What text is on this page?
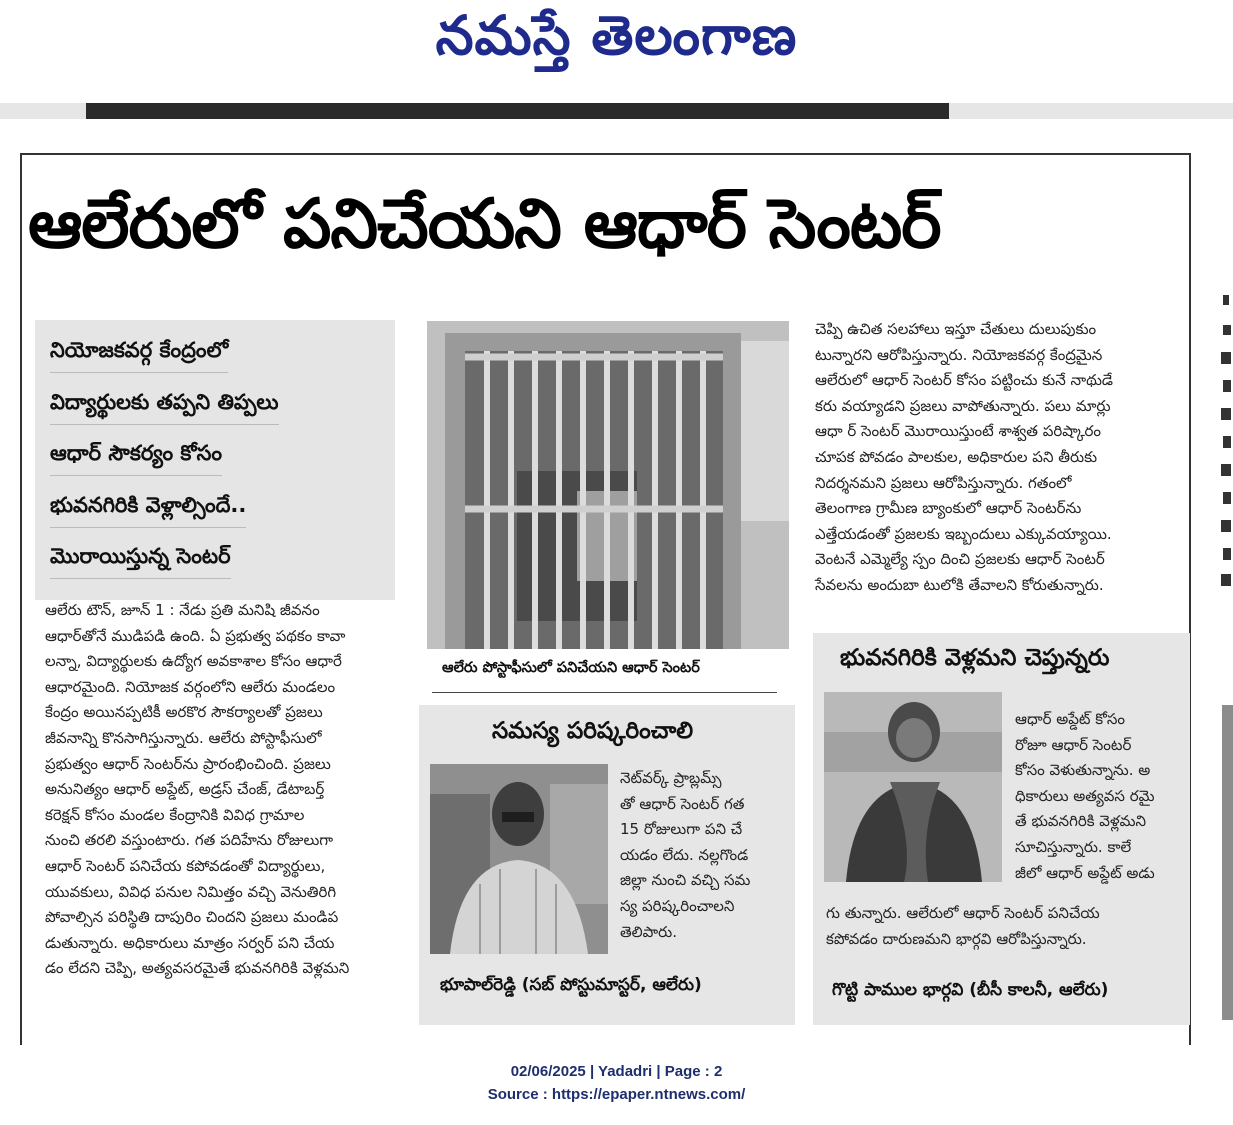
నమస్తే తెలంగాణ
ఆలేరులో పనిచేయని ఆధార్ సెంటర్
నియోజకవర్గ కేంద్రంలో
విద్యార్థులకు తప్పని తిప్పలు
ఆధార్ సౌకర్యం కోసం
భువనగిరికి వెళ్లాల్సిందే..
మొరాయిస్తున్న సెంటర్
ఆలేరు టౌన్, జూన్ 1 : నేడు ప్రతి మనిషి జీవనం
ఆధార్‌తోనే ముడిపడి ఉంది. ఏ ప్రభుత్వ పథకం కావా
లన్నా, విద్యార్థులకు ఉద్యోగ అవకాశాల కోసం ఆధారే
ఆధారమైంది. నియోజక వర్గంలోని ఆలేరు మండలం
కేంద్రం అయినప్పటికీ అరకొర సౌకర్యాలతో ప్రజలు
జీవనాన్ని కొనసాగిస్తున్నారు. ఆలేరు పోస్టాఫీసులో
ప్రభుత్వం ఆధార్ సెంటర్‌ను ప్రారంభించింది. ప్రజలు
అనునిత్యం ఆధార్ అప్డేట్, అడ్రస్ చేంజ్, డేటాబర్త్
కరెక్షన్ కోసం మండల కేంద్రానికి వివిధ గ్రామాల
నుంచి తరలి వస్తుంటారు. గత పదిహేను రోజులుగా
ఆధార్ సెంటర్ పనిచేయ కపోవడంతో విద్యార్థులు,
యువకులు, వివిధ పనుల నిమిత్తం వచ్చి వెనుతిరిగి
పోవాల్సిన పరిస్థితి దాపురిం చిందని ప్రజలు మండిప
డుతున్నారు. అధికారులు మాత్రం సర్వర్ పని చేయ
డం లేదని చెప్పి, అత్యవసరమైతే భువనగిరికి వెళ్లమని
ఆలేరు పోస్టాఫీసులో పనిచేయని ఆధార్ సెంటర్
చెప్పి ఉచిత సలహాలు ఇస్తూ చేతులు దులుపుకుం
టున్నారని ఆరోపిస్తున్నారు. నియోజకవర్గ కేంద్రమైన
ఆలేరులో ఆధార్ సెంటర్ కోసం పట్టించు కునే నాథుడే
కరు వయ్యాడని ప్రజలు వాపోతున్నారు. పలు మార్లు
ఆధా ర్ సెంటర్ మొరాయిస్తుంటే శాశ్వత పరిష్కారం
చూపక పోవడం పాలకుల, అధికారుల పని తీరుకు
నిదర్శనమని ప్రజలు ఆరోపిస్తున్నారు. గతంలో
తెలంగాణ గ్రామీణ బ్యాంకులో ఆధార్ సెంటర్‌ను
ఎత్తేయడంతో ప్రజలకు ఇబ్బందులు ఎక్కువయ్యాయి.
వెంటనే ఎమ్మెల్యే స్పం దించి ప్రజలకు ఆధార్ సెంటర్
సేవలను అందుబా టులోకి తేవాలని కోరుతున్నారు.
సమస్య పరిష్కరించాలి
నెట్‌వర్క్ ప్రాబ్లమ్స్
తో ఆధార్ సెంటర్ గత
15 రోజులుగా పని చే
యడం లేదు. నల్లగొండ
జిల్లా నుంచి వచ్చి సమ
స్య పరిష్కరించాలని
తెలిపారు.
భూపాల్‌రెడ్డి (సబ్ పోస్టుమాస్టర్, ఆలేరు)
భువనగిరికి వెళ్లమని చెప్తున్నరు
ఆధార్ అప్డేట్ కోసం
రోజూ ఆధార్ సెంటర్
కోసం వెళుతున్నాను. అ
ధికారులు అత్యవస రమై
తే భువనగిరికి వెళ్లమని
సూచిస్తున్నారు. కాలే
జీలో ఆధార్ అప్డేట్ అడు
గు తున్నారు. ఆలేరులో ఆధార్ సెంటర్ పనిచేయ
కపోవడం దారుణమని భార్గవి ఆరోపిస్తున్నారు.
గొట్టి పాముల భార్గవి (బీసీ కాలనీ, ఆలేరు)
02/06/2025 | Yadadri | Page : 2
Source : https://epaper.ntnews.com/
